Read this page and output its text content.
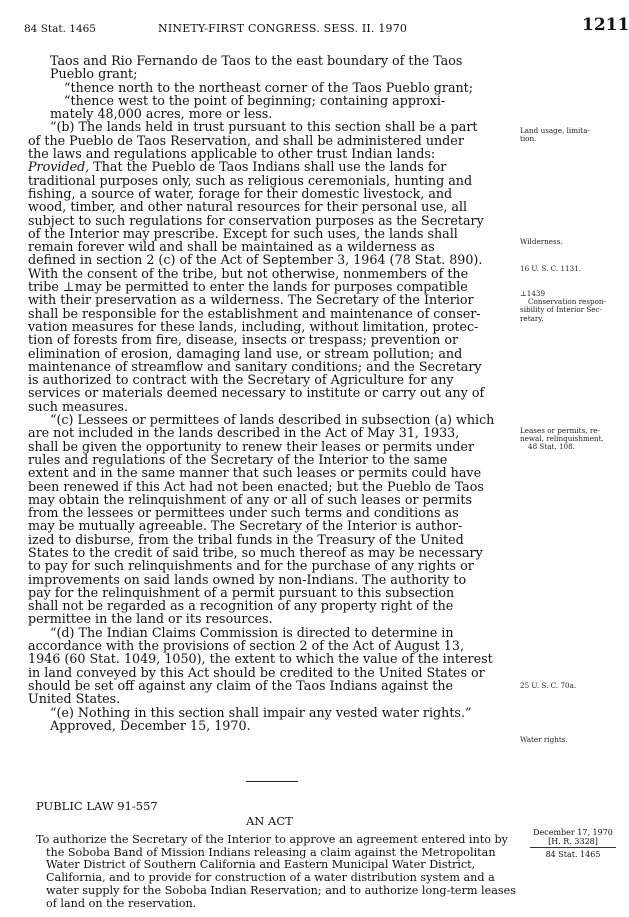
84 Stat. 1465	NINETY-FIRST CONGRESS. SESS. II. 1970	1211
Taos and Rio Fernando de Taos to the east boundary of the Taos
Pueblo grant;
“thence north to the northeast corner of the Taos Pueblo grant;
“thence west to the point of beginning; containing approxi-
mately 48,000 acres, more or less.
“(b) The lands held in trust pursuant to this section shall be a part
of the Pueblo de Taos Reservation, and shall be administered under
the laws and regulations applicable to other trust Indian lands:
Provided, That the Pueblo de Taos Indians shall use the lands for
traditional purposes only, such as religious ceremonials, hunting and
fishing, a source of water, forage for their domestic livestock, and
wood, timber, and other natural resources for their personal use, all
subject to such regulations for conservation purposes as the Secretary
of the Interior may prescribe. Except for such uses, the lands shall
remain forever wild and shall be maintained as a wilderness as
defined in section 2 (c) of the Act of September 3, 1964 (78 Stat. 890).
With the consent of the tribe, but not otherwise, nonmembers of the
tribe ⊥may be permitted to enter the lands for purposes compatible
with their preservation as a wilderness. The Secretary of the Interior
shall be responsible for the establishment and maintenance of conser-
vation measures for these lands, including, without limitation, protec-
tion of forests from fire, disease, insects or trespass; prevention or
elimination of erosion, damaging land use, or stream pollution; and
maintenance of streamflow and sanitary conditions; and the Secretary
is authorized to contract with the Secretary of Agriculture for any
services or materials deemed necessary to institute or carry out any of
such measures.
“(c) Lessees or permittees of lands described in subsection (a) which
are not included in the lands described in the Act of May 31, 1933,
shall be given the opportunity to renew their leases or permits under
rules and regulations of the Secretary of the Interior to the same
extent and in the same manner that such leases or permits could have
been renewed if this Act had not been enacted; but the Pueblo de Taos
may obtain the relinquishment of any or all of such leases or permits
from the lessees or permittees under such terms and conditions as
may be mutually agreeable. The Secretary of the Interior is author-
ized to disburse, from the tribal funds in the Treasury of the United
States to the credit of said tribe, so much thereof as may be necessary
to pay for such relinquishments and for the purchase of any rights or
improvements on said lands owned by non-Indians. The authority to
pay for the relinquishment of a permit pursuant to this subsection
shall not be regarded as a recognition of any property right of the
permittee in the land or its resources.
“(d) The Indian Claims Commission is directed to determine in
accordance with the provisions of section 2 of the Act of August 13,
1946 (60 Stat. 1049, 1050), the extent to which the value of the interest
in land conveyed by this Act should be credited to the United States or
should be set off against any claim of the Taos Indians against the
United States.
“(e) Nothing in this section shall impair any vested water rights.”
Approved, December 15, 1970.
Land usage, limita-
tion.
Wilderness.
16 U. S. C. 1131.
⊥1439
Conservation respon-
sibility of Interior Sec-
retary.
Leases or permits, re-
newal, relinquishment.
48 Stat. 108.
25 U. S. C. 70a.
Water rights.
PUBLIC LAW 91-557
AN ACT
To authorize the Secretary of the Interior to approve an agreement entered into by
the Soboba Band of Mission Indians releasing a claim against the Metropolitan
Water District of Southern California and Eastern Municipal Water District,
California, and to provide for construction of a water distribution system and a
water supply for the Soboba Indian Reservation; and to authorize long-term leases
of land on the reservation.
December 17, 1970
[H. R. 3328]
84 Stat. 1465
